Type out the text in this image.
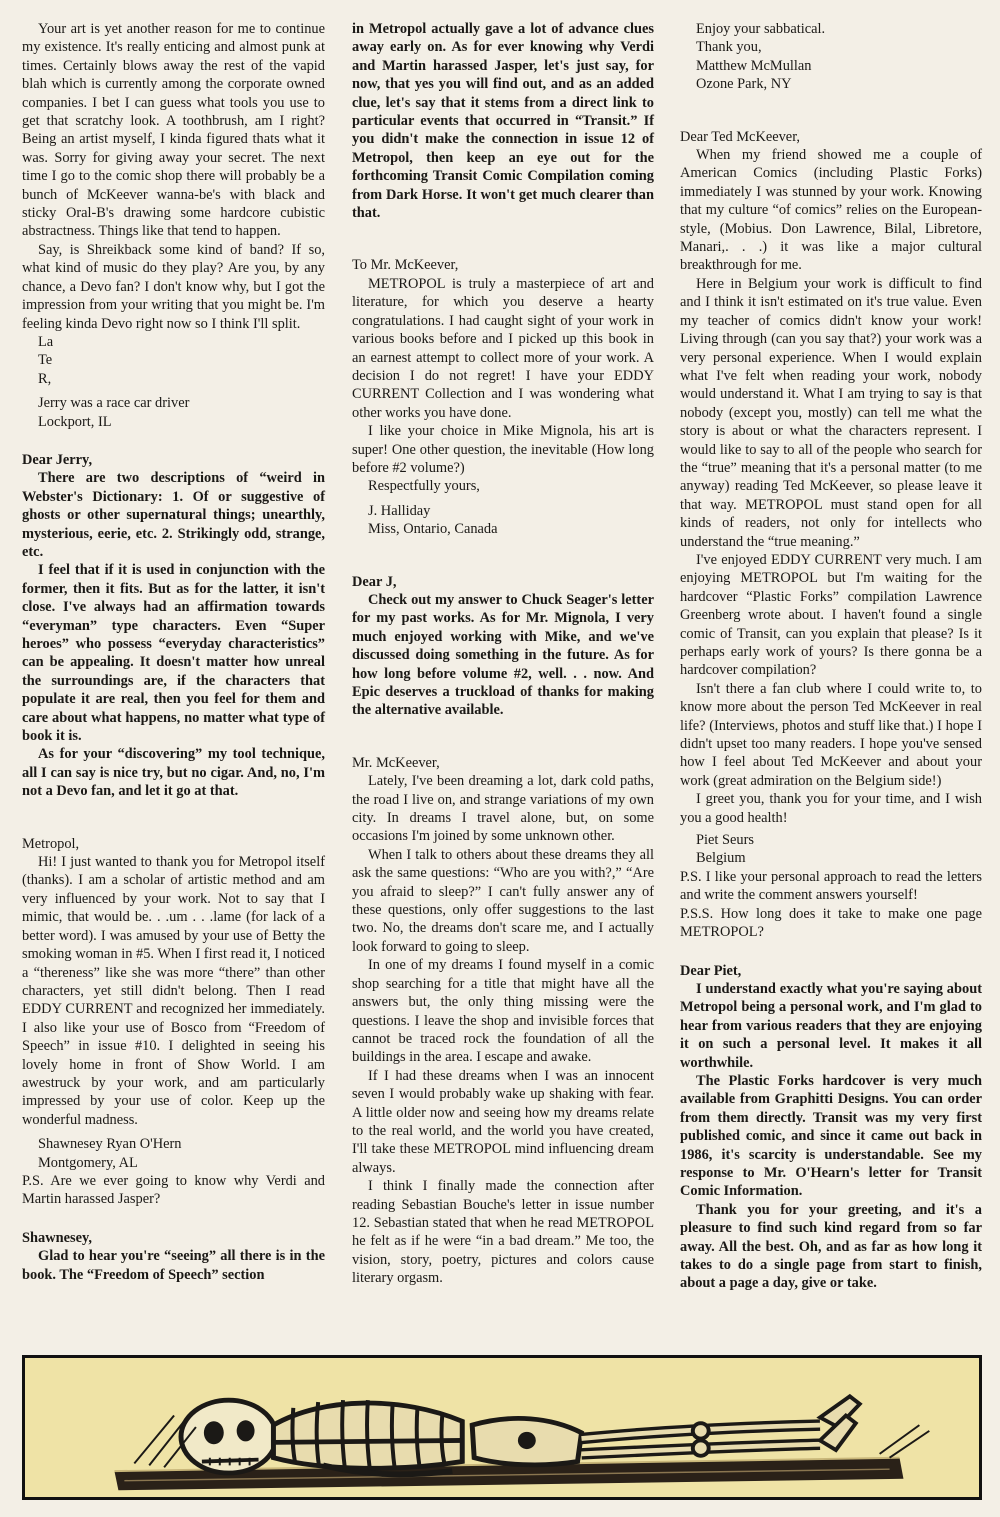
Your art is yet another reason for me to continue my existence. It's really enticing and almost punk at times. Certainly blows away the rest of the vapid blah which is currently among the corporate owned companies. I bet I can guess what tools you use to get that scratchy look. A toothbrush, am I right? Being an artist myself, I kinda figured thats what it was. Sorry for giving away your secret. The next time I go to the comic shop there will probably be a bunch of McKeever wanna-be's with black and sticky Oral-B's drawing some hardcore cubistic abstractness. Things like that tend to happen.

Say, is Shreikback some kind of band? If so, what kind of music do they play? Are you, by any chance, a Devo fan? I don't know why, but I got the impression from your writing that you might be. I'm feeling kinda Devo right now so I think I'll split.

La

Te

R,

Jerry was a race car driver

Lockport, IL

Dear Jerry,

There are two descriptions of “weird in Webster's Dictionary: 1. Of or suggestive of ghosts or other supernatural things; unearthly, mysterious, eerie, etc. 2. Strikingly odd, strange, etc.

I feel that if it is used in conjunction with the former, then it fits. But as for the latter, it isn't close. I've always had an affirmation towards “everyman” type characters. Even “Super heroes” who possess “everyday characteristics” can be appealing. It doesn't matter how unreal the surroundings are, if the characters that populate it are real, then you feel for them and care about what happens, no matter what type of book it is.

As for your “discovering” my tool technique, all I can say is nice try, but no cigar. And, no, I'm not a Devo fan, and let it go at that.

Metropol,

Hi! I just wanted to thank you for Metropol itself (thanks). I am a scholar of artistic method and am very influenced by your work. Not to say that I mimic, that would be. . .um . . .lame (for lack of a better word). I was amused by your use of Betty the smoking woman in #5. When I first read it, I noticed a “thereness” like she was more “there” than other characters, yet still didn't belong. Then I read EDDY CURRENT and recognized her immediately. I also like your use of Bosco from “Freedom of Speech” in issue #10. I delighted in seeing his lovely home in front of Show World. I am awestruck by your work, and am particularly impressed by your use of color. Keep up the wonderful madness.

Shawnesey Ryan O'Hern

Montgomery, AL

P.S. Are we ever going to know why Verdi and Martin harassed Jasper?

Shawnesey,

Glad to hear you're “seeing” all there is in the book. The “Freedom of Speech” section

in Metropol actually gave a lot of advance clues away early on. As for ever knowing why Verdi and Martin harassed Jasper, let's just say, for now, that yes you will find out, and as an added clue, let's say that it stems from a direct link to particular events that occurred in “Transit.” If you didn't make the connection in issue 12 of Metropol, then keep an eye out for the forthcoming Transit Comic Compilation coming from Dark Horse. It won't get much clearer than that.

To Mr. McKeever,

METROPOL is truly a masterpiece of art and literature, for which you deserve a hearty congratulations. I had caught sight of your work in various books before and I picked up this book in an earnest attempt to collect more of your work. A decision I do not regret! I have your EDDY CURRENT Collection and I was wondering what other works you have done.

I like your choice in Mike Mignola, his art is super! One other question, the inevitable (How long before #2 volume?)

Respectfully yours,

J. Halliday

Miss, Ontario, Canada

Dear J,

Check out my answer to Chuck Seager's letter for my past works. As for Mr. Mignola, I very much enjoyed working with Mike, and we've discussed doing something in the future. As for how long before volume #2, well. . . now. And Epic deserves a truckload of thanks for making the alternative available.

Mr. McKeever,

Lately, I've been dreaming a lot, dark cold paths, the road I live on, and strange variations of my own city. In dreams I travel alone, but, on some occasions I'm joined by some unknown other.

When I talk to others about these dreams they all ask the same questions: “Who are you with?,” “Are you afraid to sleep?” I can't fully answer any of these questions, only offer suggestions to the last two. No, the dreams don't scare me, and I actually look forward to going to sleep.

In one of my dreams I found myself in a comic shop searching for a title that might have all the answers but, the only thing missing were the questions. I leave the shop and invisible forces that cannot be traced rock the foundation of all the buildings in the area. I escape and awake.

If I had these dreams when I was an innocent seven I would probably wake up shaking with fear. A little older now and seeing how my dreams relate to the real world, and the world you have created, I'll take these METROPOL mind influencing dream always.

I think I finally made the connection after reading Sebastian Bouche's letter in issue number 12. Sebastian stated that when he read METROPOL he felt as if he were “in a bad dream.” Me too, the vision, story, poetry, pictures and colors cause literary orgasm.

Enjoy your sabbatical.

Thank you,

Matthew McMullan

Ozone Park, NY

Dear Ted McKeever,

When my friend showed me a couple of American Comics (including Plastic Forks) immediately I was stunned by your work. Knowing that my culture “of comics” relies on the European-style, (Mobius. Don Lawrence, Bilal, Libretore, Manari,. . .) it was like a major cultural breakthrough for me.

Here in Belgium your work is difficult to find and I think it isn't estimated on it's true value. Even my teacher of comics didn't know your work! Living through (can you say that?) your work was a very personal experience. When I would explain what I've felt when reading your work, nobody would understand it. What I am trying to say is that nobody (except you, mostly) can tell me what the story is about or what the characters represent. I would like to say to all of the people who search for the “true” meaning that it's a personal matter (to me anyway) reading Ted McKeever, so please leave it that way. METROPOL must stand open for all kinds of readers, not only for intellects who understand the “true meaning.”

I've enjoyed EDDY CURRENT very much. I am enjoying METROPOL but I'm waiting for the hardcover “Plastic Forks” compilation Lawrence Greenberg wrote about. I haven't found a single comic of Transit, can you explain that please? Is it perhaps early work of yours? Is there gonna be a hardcover compilation?

Isn't there a fan club where I could write to, to know more about the person Ted McKeever in real life? (Interviews, photos and stuff like that.) I hope I didn't upset too many readers. I hope you've sensed how I feel about Ted McKeever and about your work (great admiration on the Belgium side!)

I greet you, thank you for your time, and I wish you a good health!

Piet Seurs

Belgium

P.S. I like your personal approach to read the letters and write the comment answers yourself!

P.S.S. How long does it take to make one page METROPOL?

Dear Piet,

I understand exactly what you're saying about Metropol being a personal work, and I'm glad to hear from various readers that they are enjoying it on such a personal level. It makes it all worthwhile.

The Plastic Forks hardcover is very much available from Graphitti Designs. You can order from them directly. Transit was my very first published comic, and since it came out back in 1986, it's scarcity is understandable. See my response to Mr. O'Hearn's letter for Transit Comic Information.

Thank you for your greeting, and it's a pleasure to find such kind regard from so far away. All the best. Oh, and as far as how long it takes to do a single page from start to finish, about a page a day, give or take.
